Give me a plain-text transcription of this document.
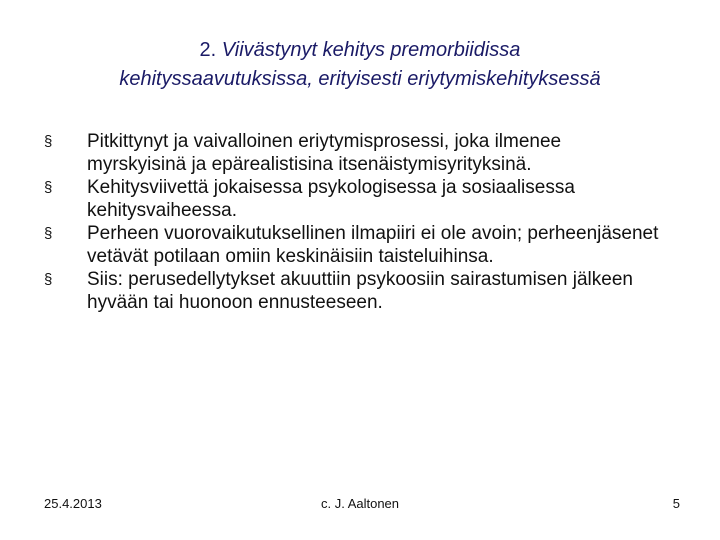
2. Viivästynyt kehitys premorbiidissa
kehityssaavutuksissa, erityisesti eriytymiskehityksessä
§	Pitkittynyt ja vaivalloinen eriytymisprosessi, joka ilmenee myrskyisinä ja epärealistisina itsenäistymisyrityksinä.
§	Kehitysviivettä jokaisessa psykologisessa ja sosiaalisessa kehitysvaiheessa.
§	Perheen vuorovaikutuksellinen ilmapiiri ei ole avoin; perheenjäsenet vetävät potilaan omiin keskinäisiin taisteluihinsa.
§	Siis: perusedellytykset akuuttiin psykoosiin sairastumisen jälkeen hyvään tai huonoon ennusteeseen.
25.4.2013	c. J. Aaltonen	5
